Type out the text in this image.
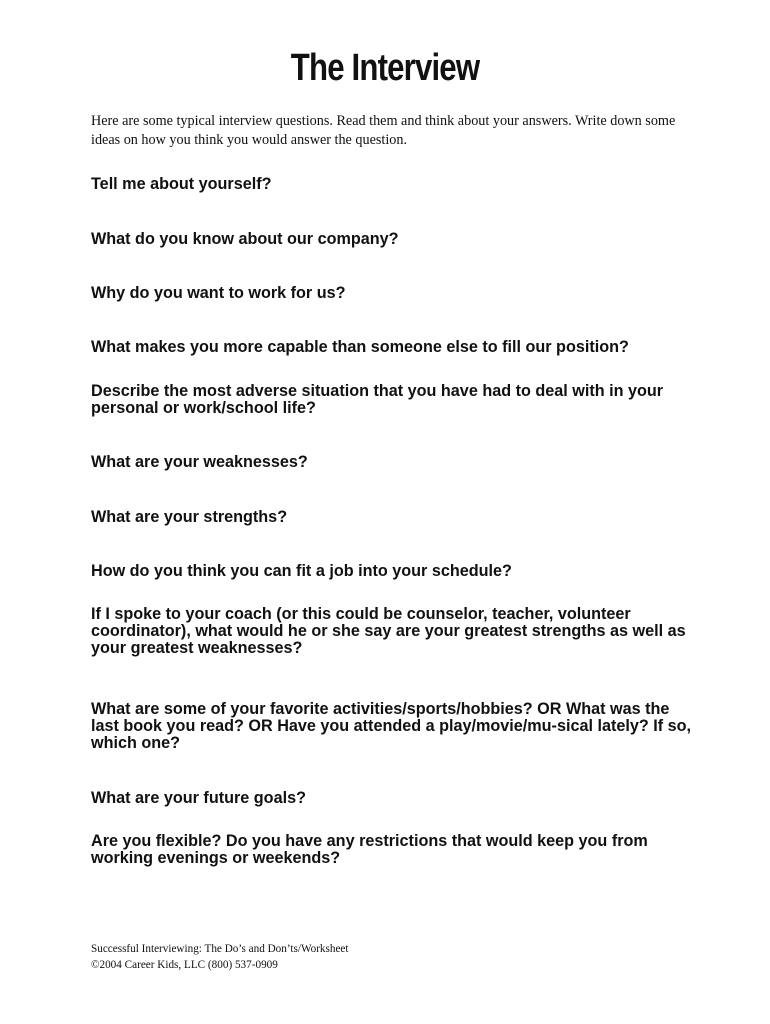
The Interview

Here are some typical interview questions. Read them and think about your answers. Write down some ideas on how you think you would answer the question.

Tell me about yourself?
What do you know about our company?
Why do you want to work for us?
What makes you more capable than someone else to fill our position?
Describe the most adverse situation that you have had to deal with in your personal or work/school life?
What are your weaknesses?
What are your strengths?
How do you think you can fit a job into your schedule?
If I spoke to your coach (or this could be counselor, teacher, volunteer coordinator), what would he or she say are your greatest strengths as well as your greatest weaknesses?
What are some of your favorite activities/sports/hobbies? OR What was the last book you read? OR Have you attended a play/movie/mu-sical lately? If so, which one?
What are your future goals?
Are you flexible? Do you have any restrictions that would keep you from working evenings or weekends?
Successful Interviewing: The Do’s and Don’ts/Worksheet
©2004 Career Kids, LLC (800) 537-0909
